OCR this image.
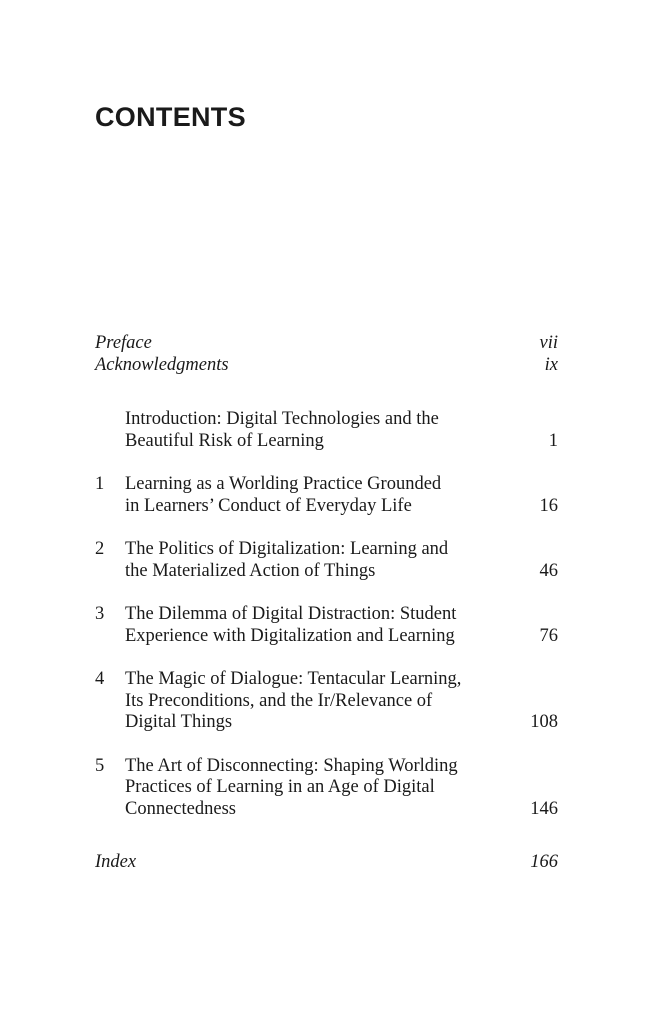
CONTENTS
Preface	vii
Acknowledgments	ix
Introduction: Digital Technologies and the
Beautiful Risk of Learning	1
1	Learning as a Worlding Practice Grounded
in Learners’ Conduct of Everyday Life	16
2	The Politics of Digitalization: Learning and
the Materialized Action of Things	46
3	The Dilemma of Digital Distraction: Student
Experience with Digitalization and Learning	76
4	The Magic of Dialogue: Tentacular Learning,
Its Preconditions, and the Ir/Relevance of
Digital Things	108
5	The Art of Disconnecting: Shaping Worlding
Practices of Learning in an Age of Digital
Connectedness	146
Index	166
